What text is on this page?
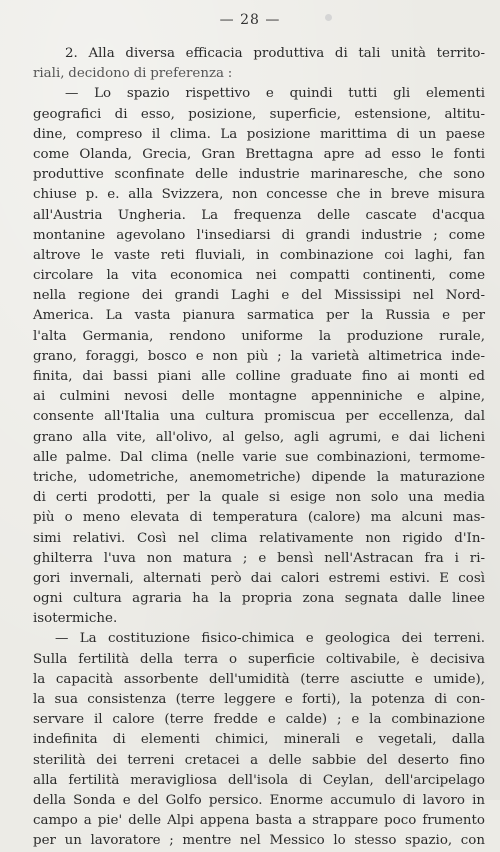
— 28 —
2. Alla diversa efficacia produttiva di tali unità territo-
riali, decidono di preferenza :
— Lo spazio rispettivo e quindi tutti gli elementi
geografici di esso, posizione, superficie, estensione, altitu-
dine, compreso il clima. La posizione marittima di un paese
come Olanda, Grecia, Gran Brettagna apre ad esso le fonti
produttive sconfinate delle industrie marinaresche, che sono
chiuse p. e. alla Svizzera, non concesse che in breve misura
all'Austria Ungheria. La frequenza delle cascate d'acqua
montanine agevolano l'insediarsi di grandi industrie ; come
altrove le vaste reti fluviali, in combinazione coi laghi, fan
circolare la vita economica nei compatti continenti, come
nella regione dei grandi Laghi e del Mississipi nel Nord-
America. La vasta pianura sarmatica per la Russia e per
l'alta Germania, rendono uniforme la produzione rurale,
grano, foraggi, bosco e non più ; la varietà altimetrica inde-
finita, dai bassi piani alle colline graduate fino ai monti ed
ai culmini nevosi delle montagne appenniniche e alpine,
consente all'Italia una cultura promiscua per eccellenza, dal
grano alla vite, all'olivo, al gelso, agli agrumi, e dai licheni
alle palme. Dal clima (nelle varie sue combinazioni, termome-
triche, udometriche, anemometriche) dipende la maturazione
di certi prodotti, per la quale si esige non solo una media
più o meno elevata di temperatura (calore) ma alcuni mas-
simi relativi. Così nel clima relativamente non rigido d'In-
ghilterra l'uva non matura ; e bensì nell'Astracan fra i ri-
gori invernali, alternati però dai calori estremi estivi. E così
ogni cultura agraria ha la propria zona segnata dalle linee
isotermiche.
— La costituzione fisico-chimica e geologica dei terreni.
Sulla fertilità della terra o superficie coltivabile, è decisiva
la capacità assorbente dell'umidità (terre asciutte e umide),
la sua consistenza (terre leggere e forti), la potenza di con-
servare il calore (terre fredde e calde) ; e la combinazione
indefinita di elementi chimici, minerali e vegetali, dalla
sterilità dei terreni cretacei a delle sabbie del deserto fino
alla fertilità meravigliosa dell'isola di Ceylan, dell'arcipelago
della Sonda e del Golfo persico. Enorme accumulo di lavoro in
campo a pie' delle Alpi appena basta a strappare poco frumento
per un lavoratore ; mentre nel Messico lo stesso spazio, con
